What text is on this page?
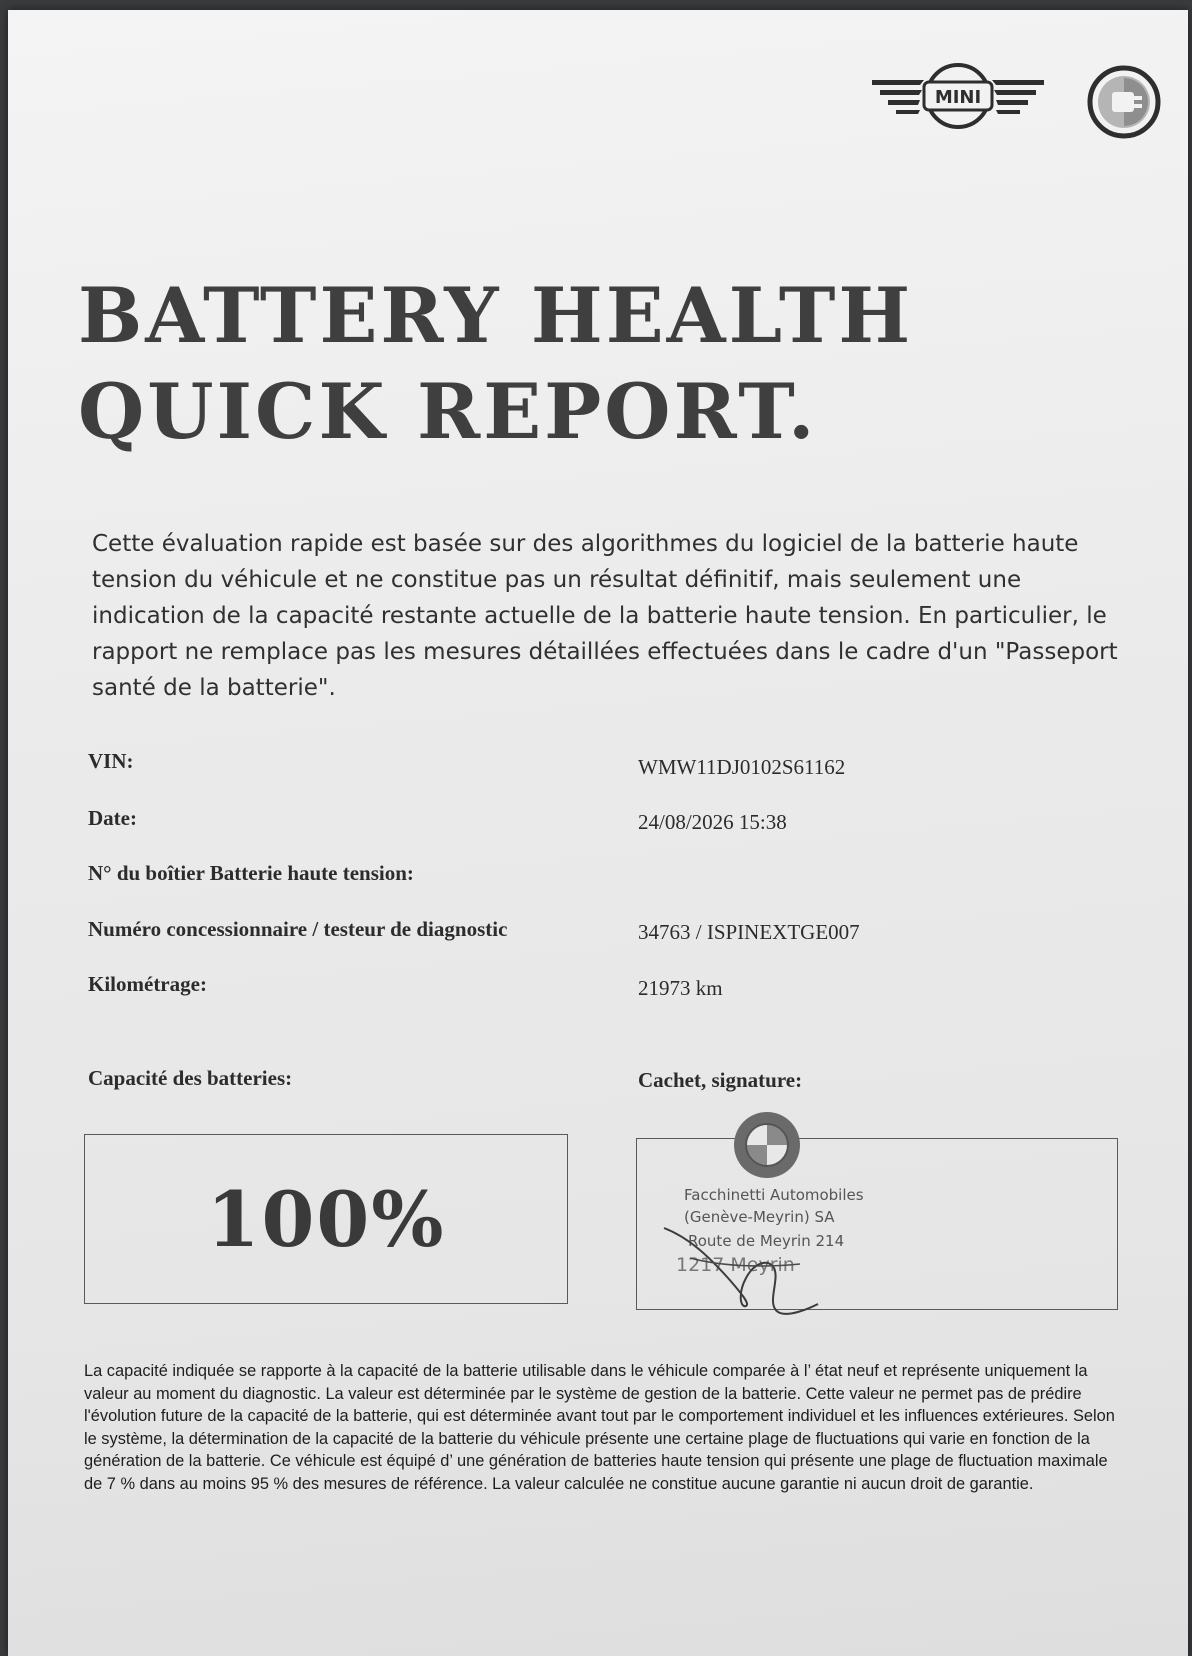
MINI
BATTERY HEALTH
QUICK REPORT.

Cette évaluation rapide est basée sur des algorithmes du logiciel de la batterie haute tension du véhicule et ne constitue pas un résultat définitif, mais seulement une indication de la capacité restante actuelle de la batterie haute tension. En particulier, le rapport ne remplace pas les mesures détaillées effectuées dans le cadre d'un "Passeport santé de la batterie".

VIN:	WMW11DJ0102S61162
Date:	24/08/2026 15:38
N° du boîtier Batterie haute tension:
Numéro concessionnaire / testeur de diagnostic	34763 / ISPINEXTGE007
Kilométrage:	21973 km
Capacité des batteries:
100%
Cachet, signature:
Facchinetti Automobiles
(Genève-Meyrin) SA
Route de Meyrin 214
1217 Meyrin

La capacité indiquée se rapporte à la capacité de la batterie utilisable dans le véhicule comparée à l’ état neuf et représente uniquement la valeur au moment du diagnostic. La valeur est déterminée par le système de gestion de la batterie. Cette valeur ne permet pas de prédire l'évolution future de la capacité de la batterie, qui est déterminée avant tout par le comportement individuel et les influences extérieures. Selon le système, la détermination de la capacité de la batterie du véhicule présente une certaine plage de fluctuations qui varie en fonction de la génération de la batterie. Ce véhicule est équipé d’ une génération de batteries haute tension qui présente une plage de fluctuation maximale de 7 % dans au moins 95 % des mesures de référence. La valeur calculée ne constitue aucune garantie ni aucun droit de garantie.
